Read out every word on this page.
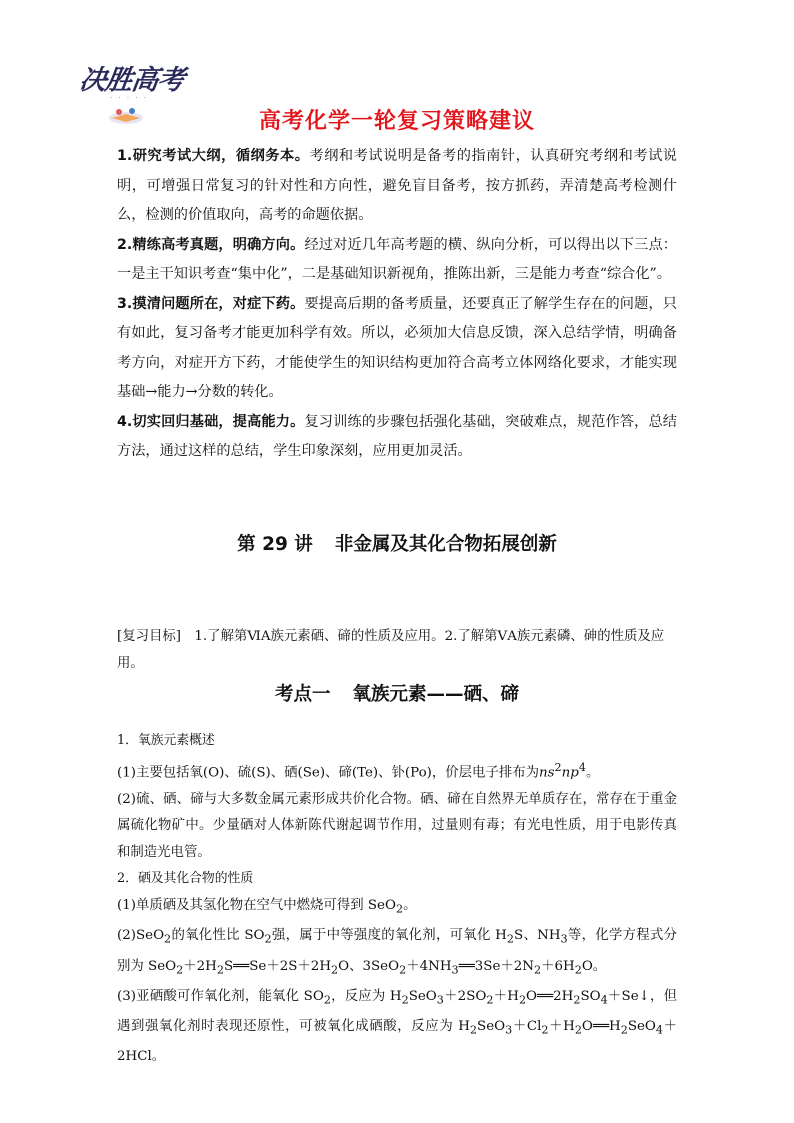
决胜高考
· · · · ·
高考化学一轮复习策略建议

1.研究考试大纲，循纲务本。考纲和考试说明是备考的指南针，认真研究考纲和考试说明，可增强日常复习的针对性和方向性，避免盲目备考，按方抓药，弄清楚高考检测什么，检测的价值取向，高考的命题依据。

2.精练高考真题，明确方向。经过对近几年高考题的横、纵向分析，可以得出以下三点：一是主干知识考查“集中化”，二是基础知识新视角，推陈出新，三是能力考查“综合化”。

3.摸清问题所在，对症下药。要提高后期的备考质量，还要真正了解学生存在的问题，只有如此，复习备考才能更加科学有效。所以，必须加大信息反馈，深入总结学情，明确备考方向，对症开方下药，才能使学生的知识结构更加符合高考立体网络化要求，才能实现基础→能力→分数的转化。

4.切实回归基础，提高能力。复习训练的步骤包括强化基础，突破难点，规范作答，总结方法，通过这样的总结，学生印象深刻，应用更加灵活。

第 29 讲 非金属及其化合物拓展创新

[复习目标]　 1.了解第ⅥA族元素硒、碲的性质及应用。2.了解第ⅤA族元素磷、砷的性质及应用。

考点一 氧族元素——硒、碲

1．氧族元素概述

(1)主要包括氧(O)、硫(S)、硒(Se)、碲(Te)、钋(Po)，价层电子排布为$ns^2np^4$。

(2)硫、硒、碲与大多数金属元素形成共价化合物。硒、碲在自然界无单质存在，常存在于重金属硫化物矿中。少量硒对人体新陈代谢起调节作用，过量则有毒；有光电性质，用于电影传真和制造光电管。

2．硒及其化合物的性质

(1)单质硒及其氢化物在空气中燃烧可得到 SeO$_2$。

(2)SeO$_2$的氧化性比 $SO_2$强，属于中等强度的氧化剂，可氧化 $H_2S$、$NH_3$等，化学方程式分别为 $SeO_2+2H_2S══Se+2S+2H_2O$、$3SeO_2+4NH_3══3Se+2N_2+6H_2O$。

(3)亚硒酸可作氧化剂，能氧化 $SO_2$，反应为 $H_2SeO_3+2SO_2+H_2O══2H_2SO_4+Se↓$，但遇到强氧化剂时表现还原性，可被氧化成硒酸，反应为 $H_2SeO_3+Cl_2+H_2O══H_2SeO_4+2HCl$。
